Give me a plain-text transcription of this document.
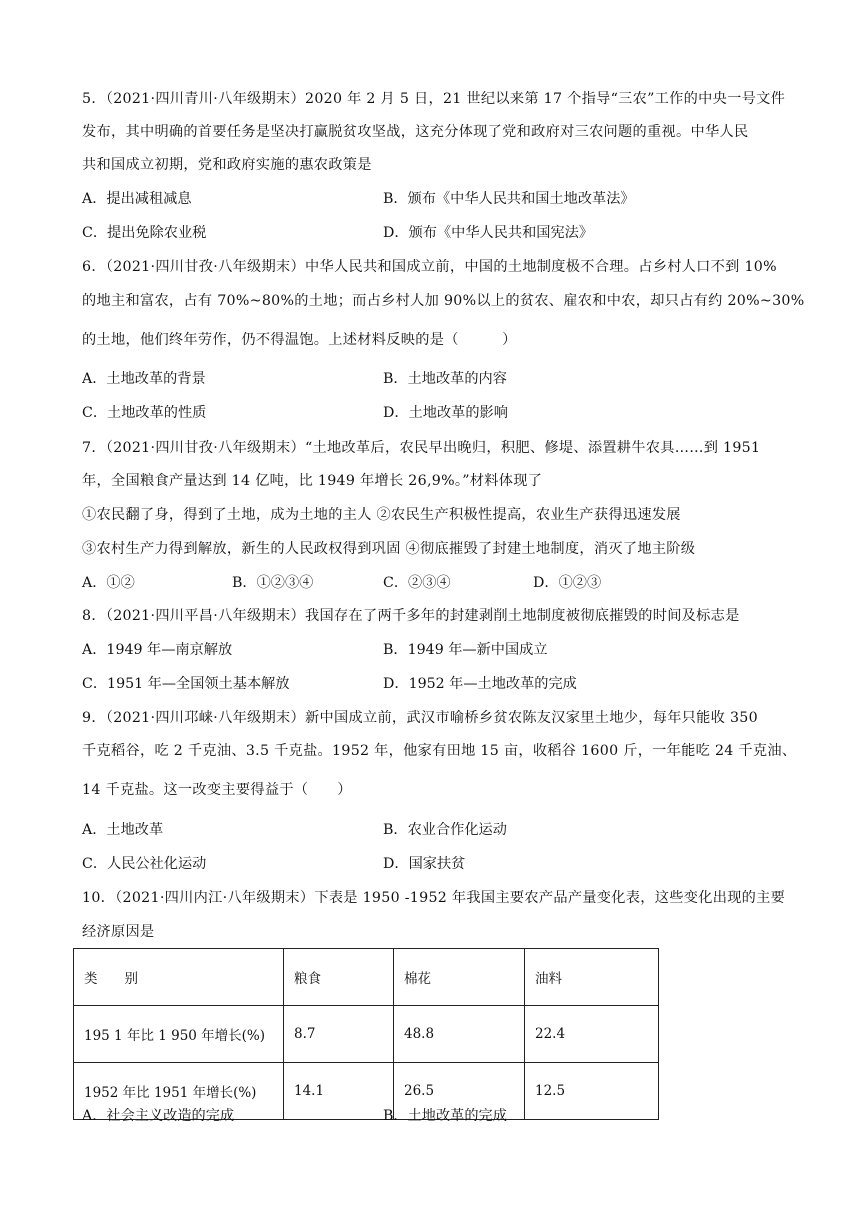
5．（2021·四川青川·八年级期末）2020 年 2 月 5 日，21 世纪以来第 17 个指导“三农”工作的中央一号文件
发布，其中明确的首要任务是坚决打赢脱贫攻坚战，这充分体现了党和政府对三农问题的重视。中华人民
共和国成立初期，党和政府实施的惠农政策是
A．提出减租减息	B．颁布《中华人民共和国土地改革法》
C．提出免除农业税	D．颁布《中华人民共和国宪法》
6．（2021·四川甘孜·八年级期末）中华人民共和国成立前，中国的土地制度极不合理。占乡村人口不到 10%
的地主和富农，占有 70%~80%的土地；而占乡村人加 90%以上的贫农、雇农和中农，却只占有约 20%~30%
的土地，他们终年劳作，仍不得温饱。上述材料反映的是（　　　）
A．土地改革的背景	B．土地改革的内容
C．土地改革的性质	D．土地改革的影响
7．（2021·四川甘孜·八年级期末）“土地改革后，农民早出晚归，积肥、修堤、添置耕牛农具……到 1951
年，全国粮食产量达到 14 亿吨，比 1949 年增长 26,9%。”材料体现了
①农民翻了身，得到了土地，成为土地的主人 ②农民生产积极性提高，农业生产获得迅速发展
③农村生产力得到解放，新生的人民政权得到巩固 ④彻底摧毁了封建土地制度，消灭了地主阶级
A．①②	B．①②③④	C．②③④	D．①②③
8．（2021·四川平昌·八年级期末）我国存在了两千多年的封建剥削土地制度被彻底摧毁的时间及标志是
A．1949 年—南京解放	B．1949 年—新中国成立
C．1951 年—全国领土基本解放	D．1952 年—土地改革的完成
9．（2021·四川邛崃·八年级期末）新中国成立前，武汉市喻桥乡贫农陈友汉家里土地少，每年只能收 350
千克稻谷，吃 2 千克油、3.5 千克盐。1952 年，他家有田地 15 亩，收稻谷 1600 斤，一年能吃 24 千克油、
14 千克盐。这一改变主要得益于（　　）
A．土地改革	B．农业合作化运动
C．人民公社化运动	D．国家扶贫
10．（2021·四川内江·八年级期末）下表是 1950 -1952 年我国主要农产品产量变化表，这些变化出现的主要
经济原因是
类　　别	粮食	棉花	油料
195 1 年比 1 950 年增长(%)	8.7	48.8	22.4
1952 年比 1951 年增长(%)	14.1	26.5	12.5
A．社会主义改造的完成	B．土地改革的完成
